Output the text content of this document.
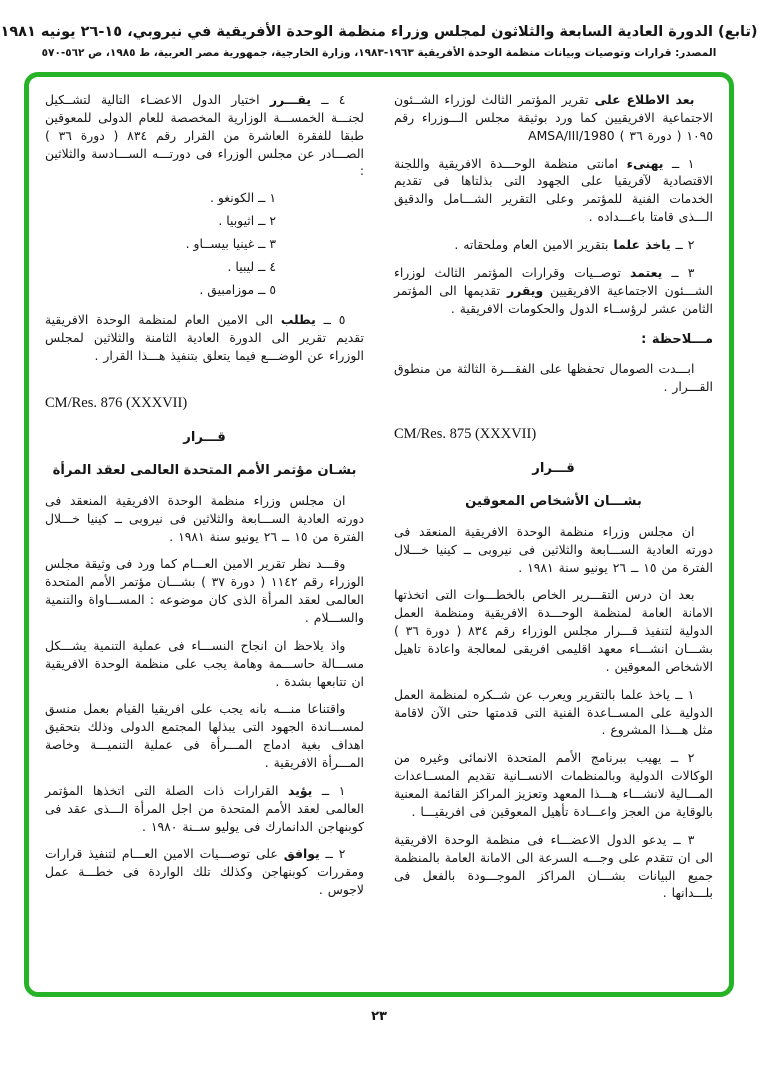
(تابع) الدورة العادية السابعة والثلاثون لمجلس وزراء منظمة الوحدة الأفريقية في نيروبي، ١٥-٢٦ يونيه ١٩٨١
المصدر: قرارات وتوصيات وبيانات منظمة الوحدة الأفريقية ١٩٦٣-١٩٨٣، وزارة الخارجية، جمهورية مصر العربية، ط ١٩٨٥، ص ٥٦٢-٥٧٠

بعد الاطلاع على تقرير المؤتمر الثالث لوزراء الشــئون الاجتماعية الافريقيين كما ورد بوثيقة مجلس الـــوزراء رقم ١٠٩٥ ( دورة ٣٦ ) AMSA/III/1980

١ ــ يهنىء امانتى منظمة الوحـــدة الافريقية واللجنة الاقتصادية لآفريقيا على الجهود التى بذلتاها فى تقديم الخدمات الفنية للمؤتمر وعلى التقرير الشـــامل والدقيق الـــذى قامتا باعـــداده .

٢ ــ ياخذ علما بتقرير الامين العام وملحقاته .

٣ ــ يعتمد توصــيات وقرارات المؤتمر الثالث لوزراء الشـــئون الاجتماعية الافريقيين ويقرر تقديمها الى المؤتمر الثامن عشر لرؤســاء الدول والحكومات الافريقية .

مـــلاحظة :

ابـــدت الصومال تحفظها على الفقـــرة الثالثة من منطوق القـــرار .

CM/Res. 875 (XXXVII)

قـــرار

بشـــان الأشخاص المعوقين

ان مجلس وزراء منظمة الوحدة الافريقية المنعقد فى دورته العادية الســـابعة والثلاثين فى نيروبى ــ كينيا خـــلال الفترة من ١٥ ــ ٢٦ يونيو سنة ١٩٨١ .

بعد ان درس التقـــرير الخاص بالخطـــوات التى اتخذتها الامانة العامة لمنظمة الوحـــدة الافريقية ومنظمة العمل الدولية لتنفيذ قـــرار مجلس الوزراء رقم ٨٣٤ ( دورة ٣٦ ) بشـــان انشـــاء معهد اقليمى افريقى لمعالجة واعادة تاهيل الاشخاص المعوقين .

١ ــ ياخذ علما بالتقرير ويعرب عن شــكره لمنظمة العمل الدولية على المســاعدة الفنية التى قدمتها حتى الآن لاقامة مثل هـــذا المشروع .

٢ ــ يهيب ببرنامج الأمم المتحدة الانمائى وغيره من الوكالات الدولية وبالمنظمات الانســانية تقديم المســاعدات المـــالية لانشـــاء هـــذا المعهد وتعزيز المراكز القائمة المعنية بالوقاية من العجز واعـــادة تأهيل المعوقين فى افريقيـــا .

٣ ــ يدعو الدول الاعضـــاء فى منظمة الوحدة الافريقية الى ان تتقدم على وجـــه السرعة الى الامانة العامة بالمنظمة جميع البيانات بشـــان المراكز الموجـــودة بالفعل فى بلـــدانها .

٤ ــ يقـــرر اختيار الدول الاعضـاء التالية لتشــكيل لجنـــة الخمســـة الوزارية المخصصة للعام الدولى للمعوقين طبقا للفقرة العاشرة من القرار رقم ٨٣٤ ( دورة ٣٦ ) الصـــادر عن مجلس الوزراء فى دورتـــه الســـادسة والثلاثين :

١ ــ الكونغو .

٢ ــ اثيوبيا .

٣ ــ غينيا بيســاو .

٤ ــ ليبيا .

٥ ــ موزامبيق .

٥ ــ يطلب الى الامين العام لمنظمة الوحدة الافريقية تقديم تقرير الى الدورة العادية الثامنة والثلاثين لمجلس الوزراء عن الوضـــع فيما يتعلق بتنفيذ هـــذا القرار .

CM/Res. 876 (XXXVII)

قـــرار

بشـان مؤتمر الأمم المتحدة العالمى لعقد المرأة

ان مجلس وزراء منظمة الوحدة الافريقية المنعقد فى دورته العادية الســـابعة والثلاثين فى نيروبى ــ كينيا خـــلال الفترة من ١٥ ــ ٢٦ يونيو سنة ١٩٨١ .

وقـــد نظر تقرير الامين العـــام كما ورد فى وثيقة مجلس الوزراء رقم ١١٤٢ ( دورة ٣٧ ) بشـــان مؤتمر الأمم المتحدة العالمى لعقد المرأة الذى كان موضوعه : المســـاواة والتنمية والســـلام .

واذ يلاحظ ان انجاح النســـاء فى عملية التنمية يشـــكل مســـالة حاســـمة وهامة يجب على منظمة الوحدة الافريقية ان تتابعها بشدة .

واقتناعا منـــه بانه يجب على افريقيا القيام بعمل منسق لمســـاندة الجهود التى يبذلها المجتمع الدولى وذلك بتحقيق اهداف بغية ادماج المـــرأة فى عملية التنميـــة وخاصة المـــرأة الافريقية .

١ ــ يؤيد القرارات ذات الصلة التى اتخذها المؤتمر العالمى لعقد الأمم المتحدة من اجل المرأة الـــذى عقد فى كوبنهاجن الدانمارك فى يوليو ســنة ١٩٨٠ .

٢ ــ يوافق على توصـــيات الامين العـــام لتنفيذ قرارات ومقررات كوبنهاجن وكذلك تلك الواردة فى خطـــة عمل لاجوس .

٢٣
